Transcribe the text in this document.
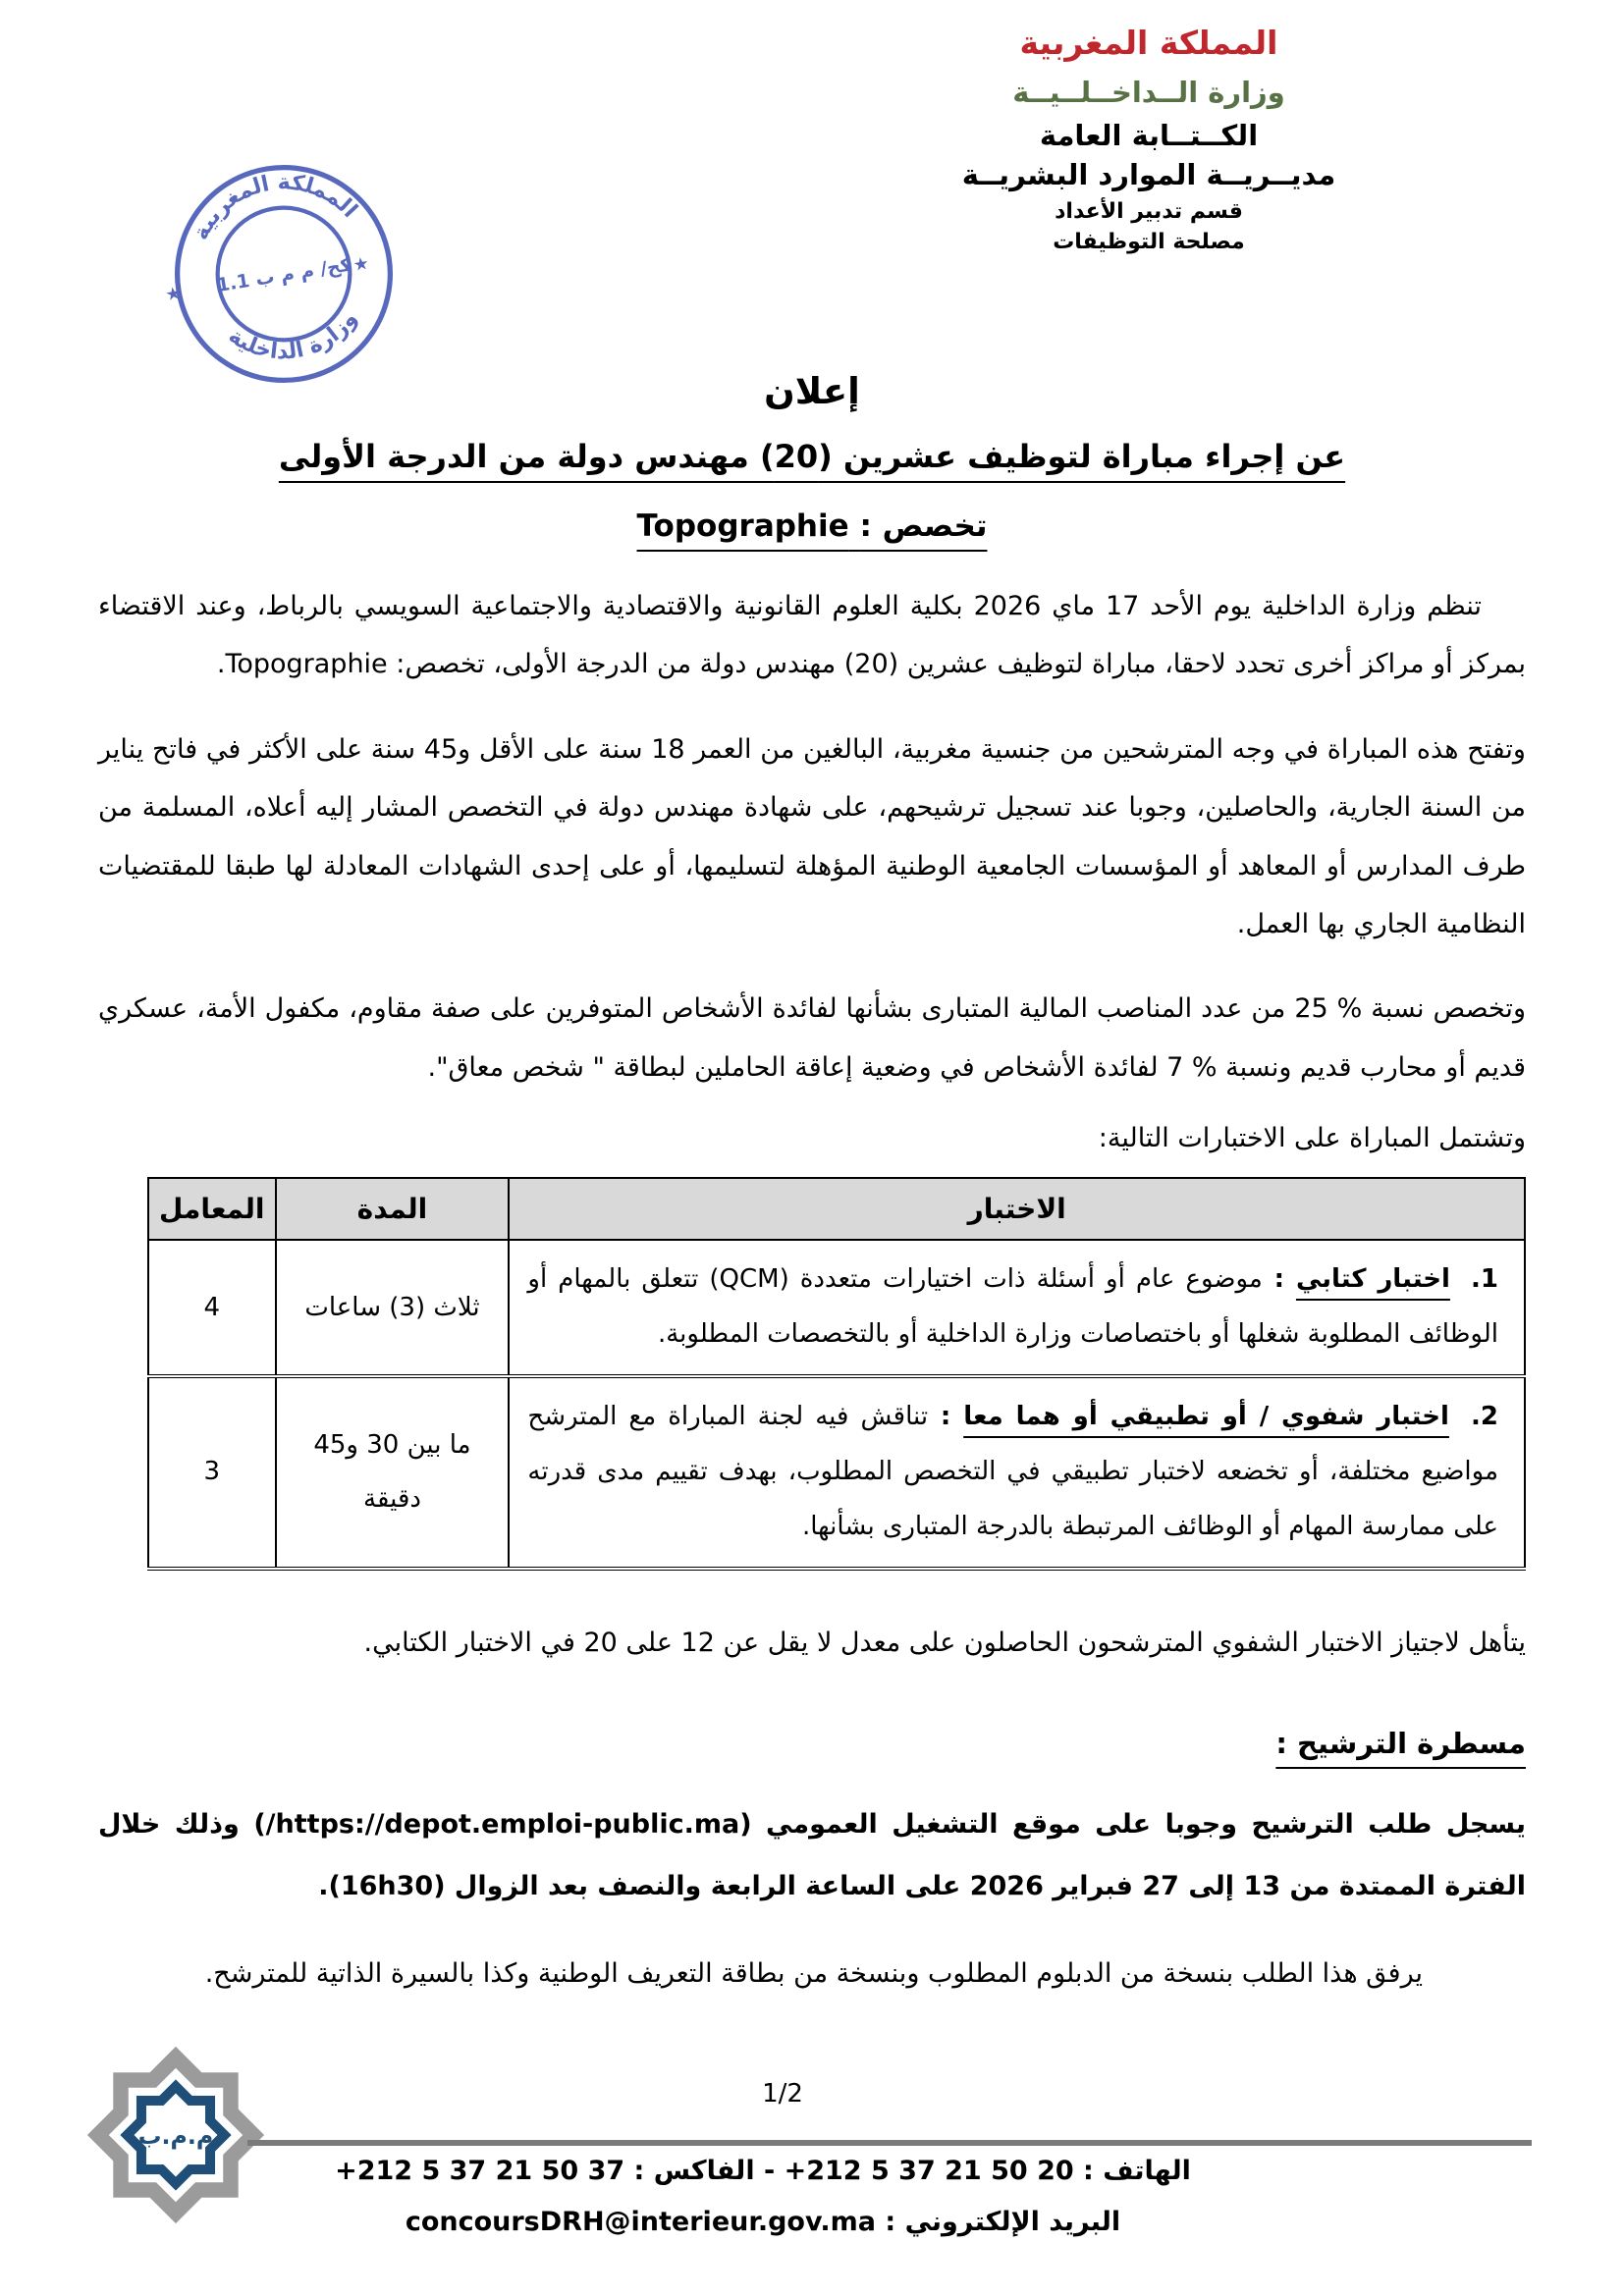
المملكة المغربية
وزارة الــداخــلــيــة
الكــتــابة العامة
مديــريــة الموارد البشريــة
قسم تدبير الأعداد
مصلحة التوظيفات
المملكة المغربية
وزارة الداخلية
كح/ م م ب 1.1
★
★
إعلان
عن إجراء مباراة لتوظيف عشرين (20) مهندس دولة من الدرجة الأولى
تخصص : Topographie

تنظم وزارة الداخلية يوم الأحد 17 ماي 2026 بكلية العلوم القانونية والاقتصادية والاجتماعية السويسي بالرباط، وعند الاقتضاء بمركز أو مراكز أخرى تحدد لاحقا، مباراة لتوظيف عشرين (20) مهندس دولة من الدرجة الأولى، تخصص: Topographie.

وتفتح هذه المباراة في وجه المترشحين من جنسية مغربية، البالغين من العمر 18 سنة على الأقل و45 سنة على الأكثر في فاتح يناير من السنة الجارية، والحاصلين، وجوبا عند تسجيل ترشيحهم، على شهادة مهندس دولة في التخصص المشار إليه أعلاه، المسلمة من طرف المدارس أو المعاهد أو المؤسسات الجامعية الوطنية المؤهلة لتسليمها، أو على إحدى الشهادات المعادلة لها طبقا للمقتضيات النظامية الجاري بها العمل.

وتخصص نسبة % 25 من عدد المناصب المالية المتبارى بشأنها لفائدة الأشخاص المتوفرين على صفة مقاوم، مكفول الأمة، عسكري قديم أو محارب قديم ونسبة % 7 لفائدة الأشخاص في وضعية إعاقة الحاملين لبطاقة " شخص معاق".

وتشتمل المباراة على الاختبارات التالية:
الاختبار	المدة	المعامل
1. اختبار كتابي : موضوع عام أو أسئلة ذات اختيارات متعددة (QCM) تتعلق بالمهام أو الوظائف المطلوبة شغلها أو باختصاصات وزارة الداخلية أو بالتخصصات المطلوبة.	ثلاث (3) ساعات	4
2. اختبار شفوي / أو تطبيقي أو هما معا : تناقش فيه لجنة المباراة مع المترشح مواضيع مختلفة، أو تخضعه لاختبار تطبيقي في التخصص المطلوب، بهدف تقييم مدى قدرته على ممارسة المهام أو الوظائف المرتبطة بالدرجة المتبارى بشأنها.	ما بين 30 و45 دقيقة	3
يتأهل لاجتياز الاختبار الشفوي المترشحون الحاصلون على معدل لا يقل عن 12 على 20 في الاختبار الكتابي.
مسطرة الترشيح :

يسجل طلب الترشيح وجوبا على موقع التشغيل العمومي (https://depot.emploi-public.ma/) وذلك خلال الفترة الممتدة من 13 إلى 27 فبراير 2026 على الساعة الرابعة والنصف بعد الزوال (16h30).

يرفق هذا الطلب بنسخة من الدبلوم المطلوب وبنسخة من بطاقة التعريف الوطنية وكذا بالسيرة الذاتية للمترشح.

1/2
م.م.ب
الهاتف : +212 5 37 21 50 20 - الفاكس : +212 5 37 21 50 37
البريد الإلكتروني : concoursDRH@interieur.gov.ma
